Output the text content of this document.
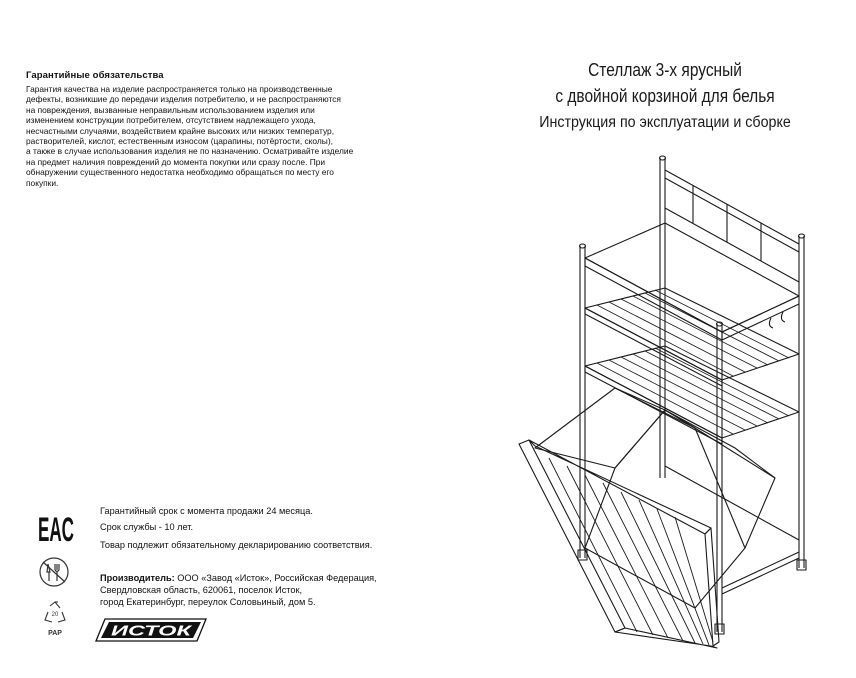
Гарантийные обязательства
Гарантия качества на изделие распространяется только на производственные
дефекты, возникшие до передачи изделия потребителю, и не распространяются
на повреждения, вызванные неправильным использованием изделия или
изменением конструкции потребителем, отсутствием надлежащего ухода,
несчастными случаями, воздействием крайне высоких или низких температур,
растворителей, кислот, естественным износом (царапины, потёртости, сколы),
а также в случае использования изделия не по назначению. Осматривайте изделие
на предмет наличия повреждений до момента покупки или сразу после. При
обнаружении существенного недостатка необходимо обращаться по месту его
покупки.
Стеллаж 3-х ярусный
с двойной корзиной для белья
Инструкция по эксплуатации и сборке
Гарантийный срок с момента продажи 24 месяца.
Срок службы - 10 лет.
Товар подлежит обязательному декларированию соответствия.
Производитель: ООО «Завод «Исток», Российская Федерация,
Свердловская область, 620061, поселок Исток,
город Екатеринбург, переулок Соловьиный, дом 5.
EAC
20
PAP	ИСТОК
